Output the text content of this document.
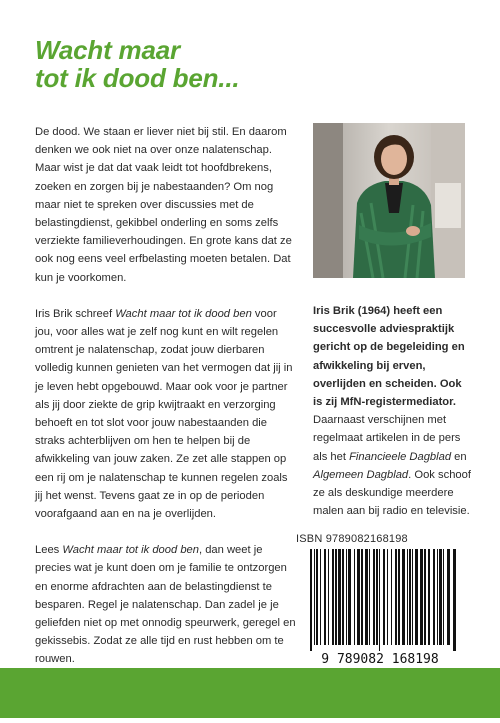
Wacht maar
tot ik dood ben...

De dood. We staan er liever niet bij stil. En daarom denken we ook niet na over onze nalatenschap. Maar wist je dat dat vaak leidt tot hoofdbrekens, zoeken en zorgen bij je nabestaanden? Om nog maar niet te spreken over discussies met de belastingdienst, gekibbel onderling en soms zelfs verziekte familieverhoudingen. En grote kans dat ze ook nog eens veel erfbelasting moeten betalen. Dat kun je voorkomen.

Iris Brik schreef Wacht maar tot ik dood ben voor jou, voor alles wat je zelf nog kunt en wilt regelen omtrent je nalatenschap, zodat jouw dierbaren volledig kunnen genieten van het vermogen dat jij in je leven hebt opgebouwd. Maar ook voor je partner als jij door ziekte de grip kwijtraakt en verzorging behoeft en tot slot voor jouw nabestaanden die straks achterblijven om hen te helpen bij de afwikkeling van jouw zaken. Ze zet alle stappen op een rij om je nalatenschap te kunnen regelen zoals jij het wenst. Tevens gaat ze in op de perioden voorafgaand aan en na je overlijden.

Lees Wacht maar tot ik dood ben, dan weet je precies wat je kunt doen om je familie te ontzorgen en enorme afdrachten aan de belastingdienst te besparen. Regel je nalatenschap. Dan zadel je je geliefden niet op met onnodig speurwerk, geregel en gekissebis. Zodat ze alle tijd en rust hebben om te rouwen.

Iris Brik (1964) heeft een succesvolle adviespraktijk gericht op de begeleiding en afwikkeling bij erven, overlijden en scheiden. Ook is zij MfN-registermediator. Daarnaast verschijnen met regelmaat artikelen in de pers als het Financieele Dagblad en Algemeen Dagblad. Ook schoof ze als deskundige meerdere malen aan bij radio en televisie.
ISBN 9789082168198
9 789082 168198
